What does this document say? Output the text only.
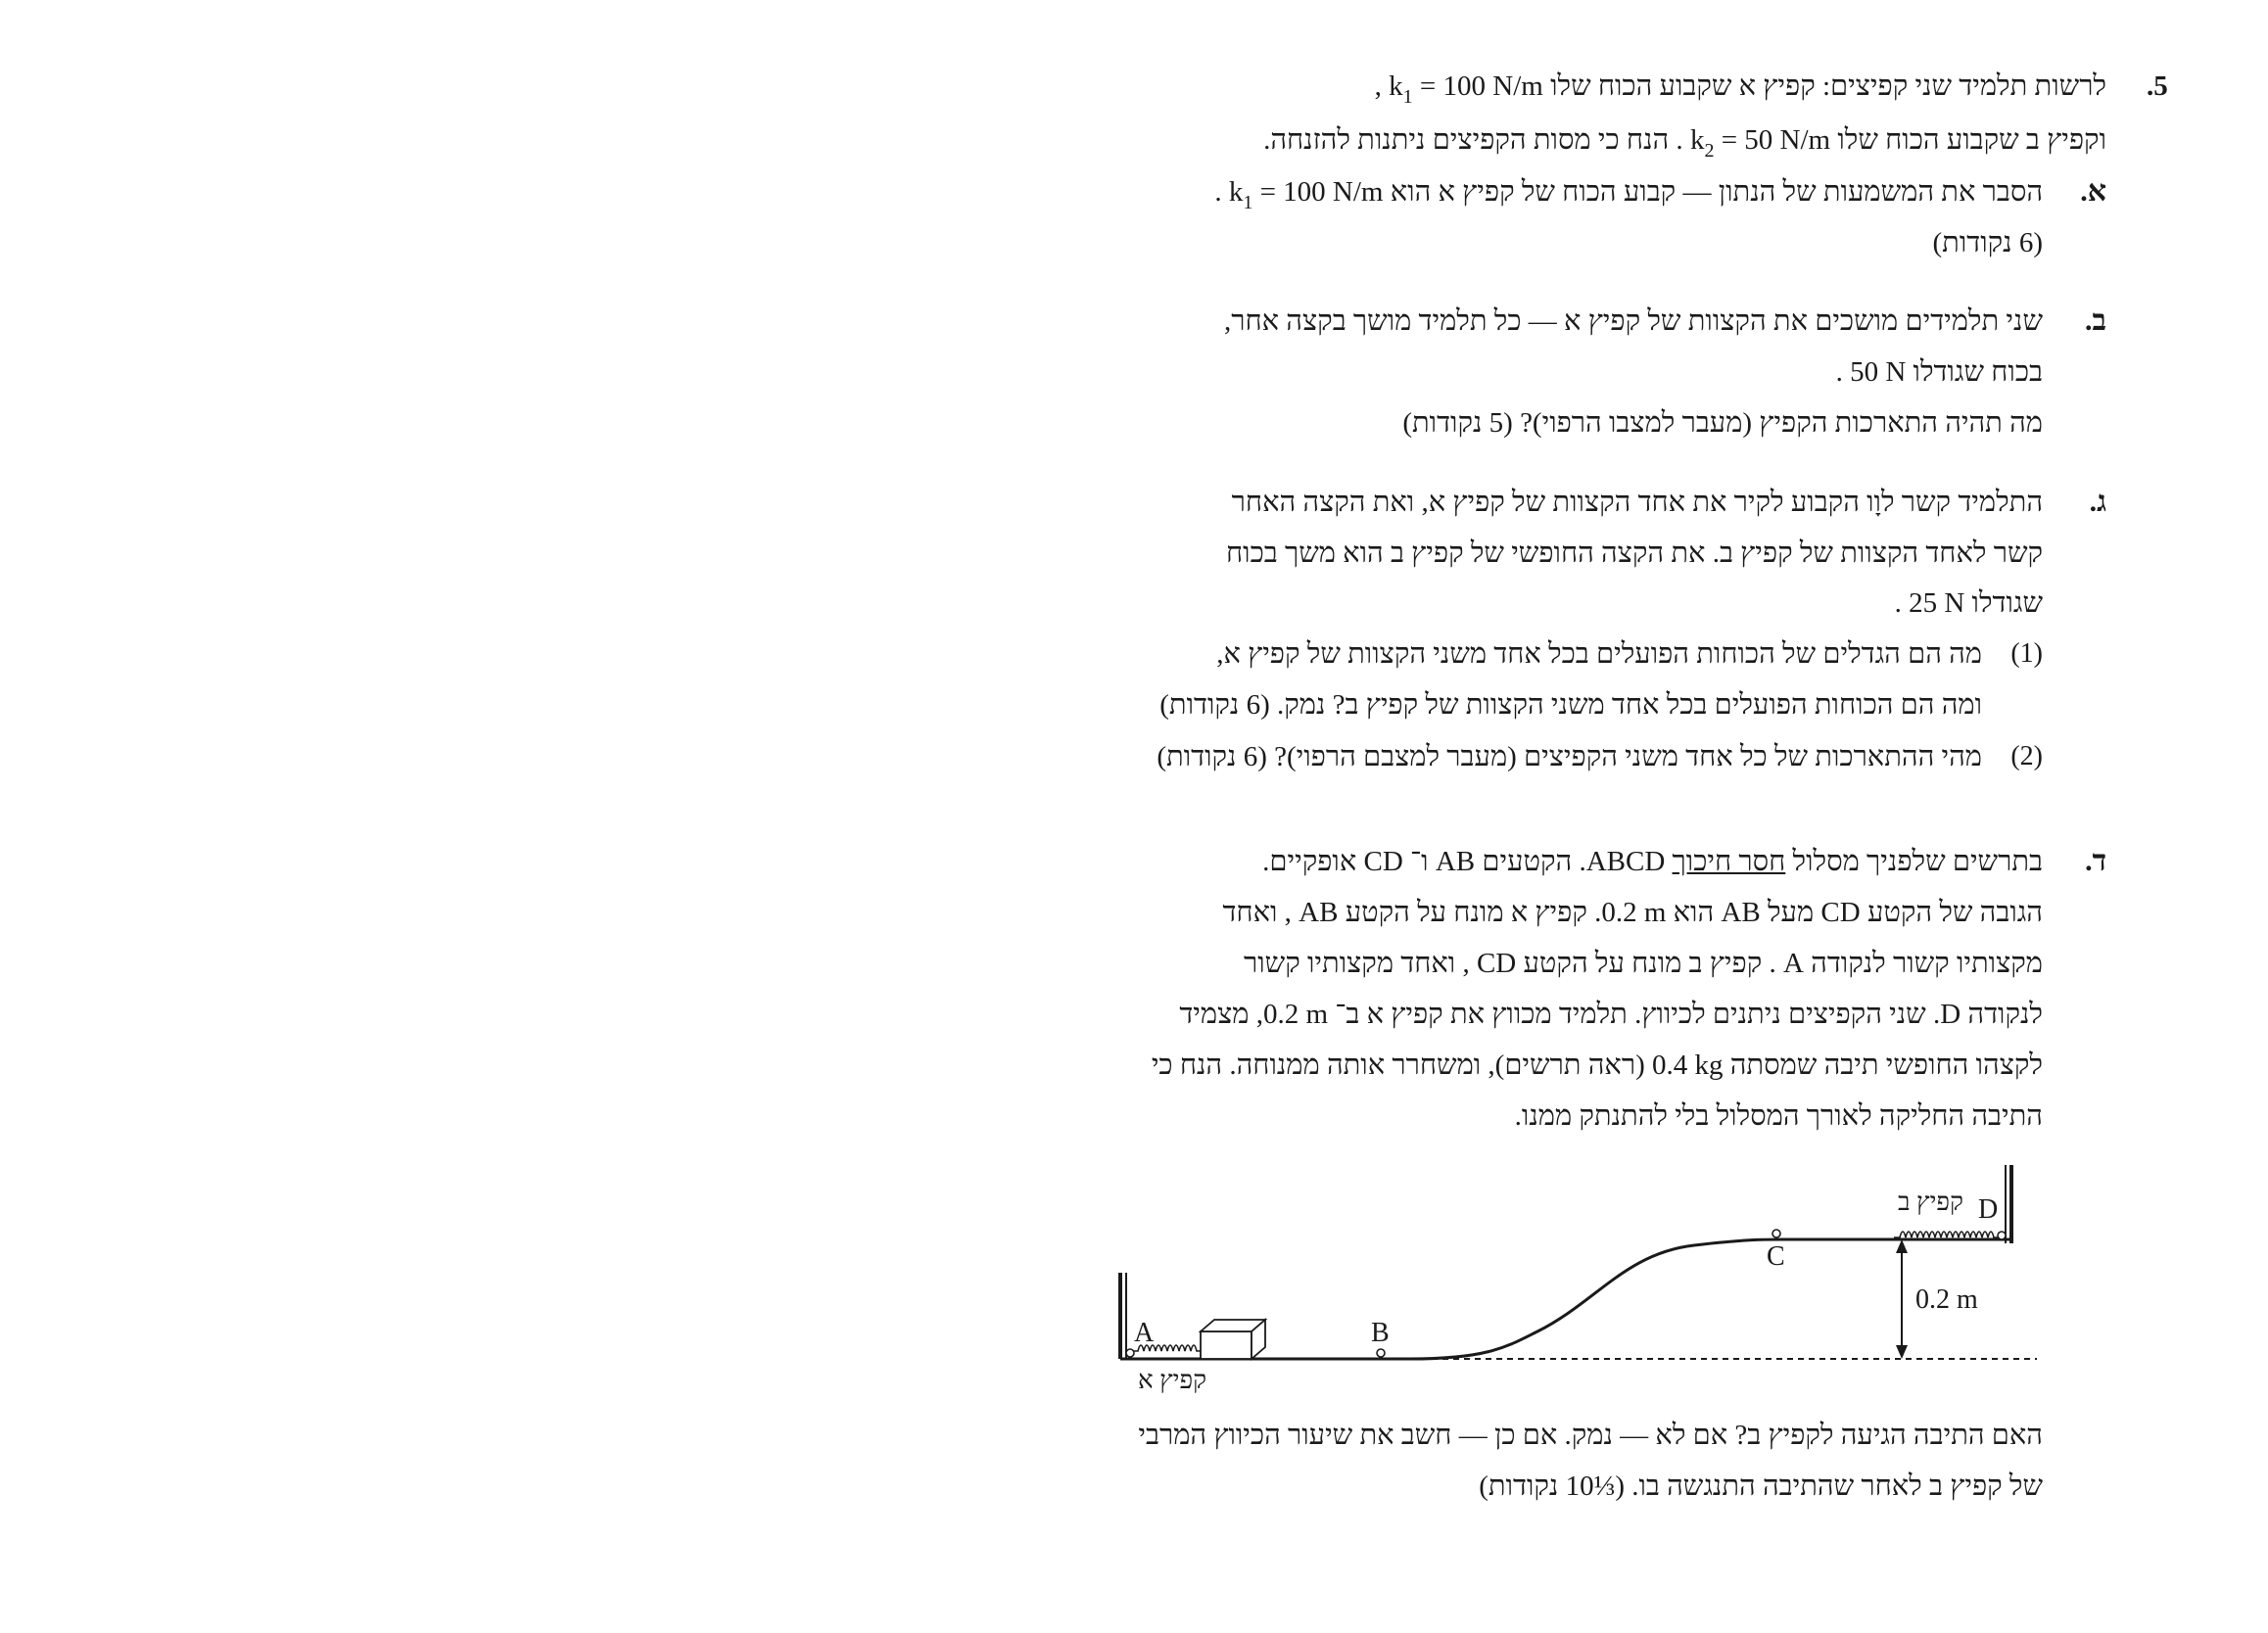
.5
לרשות תלמיד שני קפיצים: קפיץ א שקבוע הכוח שלו $‎k_1 = 100$ N/m‎ ,
וקפיץ ב שקבוע הכוח שלו $‎k_2 = 50$ N/m‎ . הנח כי מסות הקפיצים ניתנות להזנחה.
א.
הסבר את המשמעות של הנתון — קבוע הכוח של קפיץ א הוא $‎k_1 = 100$ N/m‎ .
(6 נקודות)
ב.
שני תלמידים מושכים את הקצוות של קפיץ א — כל תלמיד מושך בקצה אחר,
בכוח שגודלו ‎50 N‎ .
מה תהיה התארכות הקפיץ (מעבר למצבו הרפוי)? (5 נקודות)
ג.
התלמיד קשר לוָו הקבוע לקיר את אחד הקצוות של קפיץ א, ואת הקצה האחר
קשר לאחד הקצוות של קפיץ ב. את הקצה החופשי של קפיץ ב הוא משך בכוח
שגודלו ‎25 N‎ .
(1)
מה הם הגדלים של הכוחות הפועלים בכל אחד משני הקצוות של קפיץ א,
ומה הם הכוחות הפועלים בכל אחד משני הקצוות של קפיץ ב? נמק. (6 נקודות)
(2)
מהי ההתארכות של כל אחד משני הקפיצים (מעבר למצבם הרפוי)? (6 נקודות)
ד.
בתרשים שלפניך מסלול חסר חיכוך ‎ABCD‎. הקטעים ‎AB‎ ו־ ‎CD‎ אופקיים.
הגובה של הקטע ‎CD‎ מעל ‎AB‎ הוא ‎0.2 m‎. קפיץ א מונח על הקטע ‎AB‎ , ואחד
מקצותיו קשור לנקודה ‎A‎ . קפיץ ב מונח על הקטע ‎CD‎ , ואחד מקצותיו קשור
לנקודה ‎D‎. שני הקפיצים ניתנים לכיווץ. תלמיד מכווץ את קפיץ א ב־ ‎0.2 m‎, מצמיד
לקצהו החופשי תיבה שמסתה ‎0.4 kg‎ (ראה תרשים), ומשחרר אותה ממנוחה. הנח כי
התיבה החליקה לאורך המסלול בלי להתנתק ממנו.
A	B
C
D
קפיץ א
קפיץ ב
0.2 m
האם התיבה הגיעה לקפיץ ב? אם לא — נמק. אם כן — חשב את שיעור הכיווץ המרבי
של קפיץ ב לאחר שהתיבה התנגשה בו. (‎10⅓‎ נקודות)
